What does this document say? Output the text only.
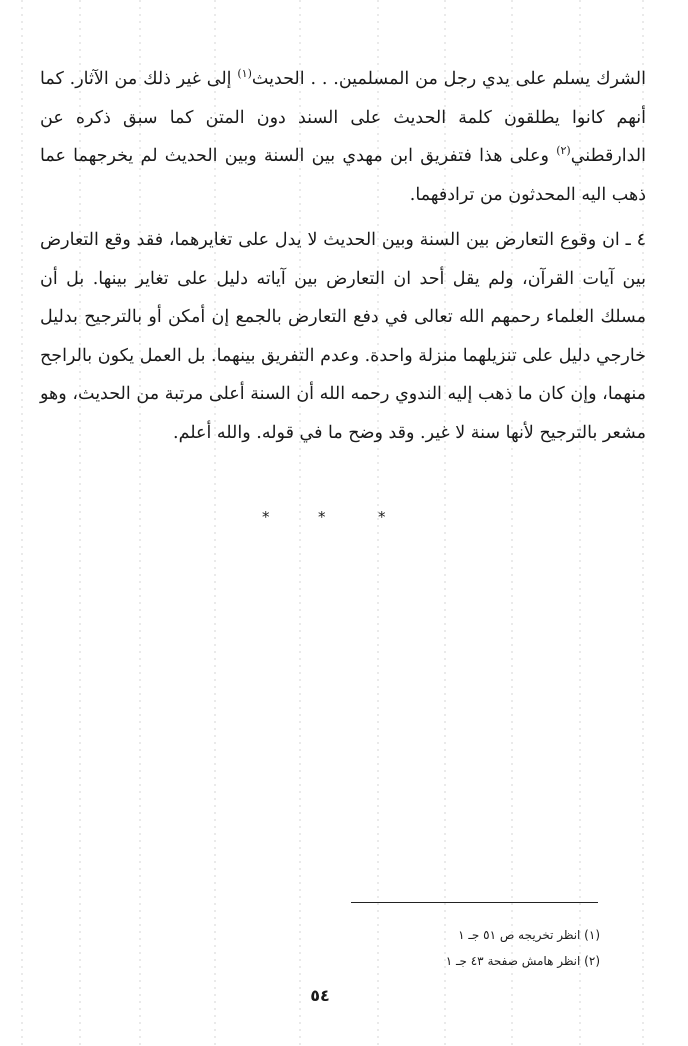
الشرك يسلم على يدي رجل من المسلمين. . . الحديث$^{(١)}$ إلى غير ذلك من الآثار. كما أنهم كانوا يطلقون كلمة الحديث على السند دون المتن كما سبق ذكره عن الدارقطني$^{(٢)}$ وعلى هذا فتفريق ابن مهدي بين السنة وبين الحديث لم يخرجهما عما ذهب اليه المحدثون من ترادفهما.

٤ ـ ان وقوع التعارض بين السنة وبين الحديث لا يدل على تغايرهما، فقد وقع التعارض بين آيات القرآن، ولم يقل أحد ان التعارض بين آياته دليل على تغاير بينها. بل أن مسلك العلماء رحمهم الله تعالى في دفع التعارض بالجمع إن أمكن أو بالترجيح بدليل خارجي دليل على تنزيلهما منزلة واحدة. وعدم التفريق بينهما. بل العمل يكون بالراجح منهما، وإن كان ما ذهب إليه الندوي رحمه الله أن السنة أعلى مرتبة من الحديث، وهو مشعر بالترجيح لأنها سنة لا غير. وقد وضح ما في قوله. والله أعلم.

*	*	*

(١) انظر تخريجه ص ٥١ جـ ١

(٢) انظر هامش صفحة ٤٣ جـ ١

٥٤
